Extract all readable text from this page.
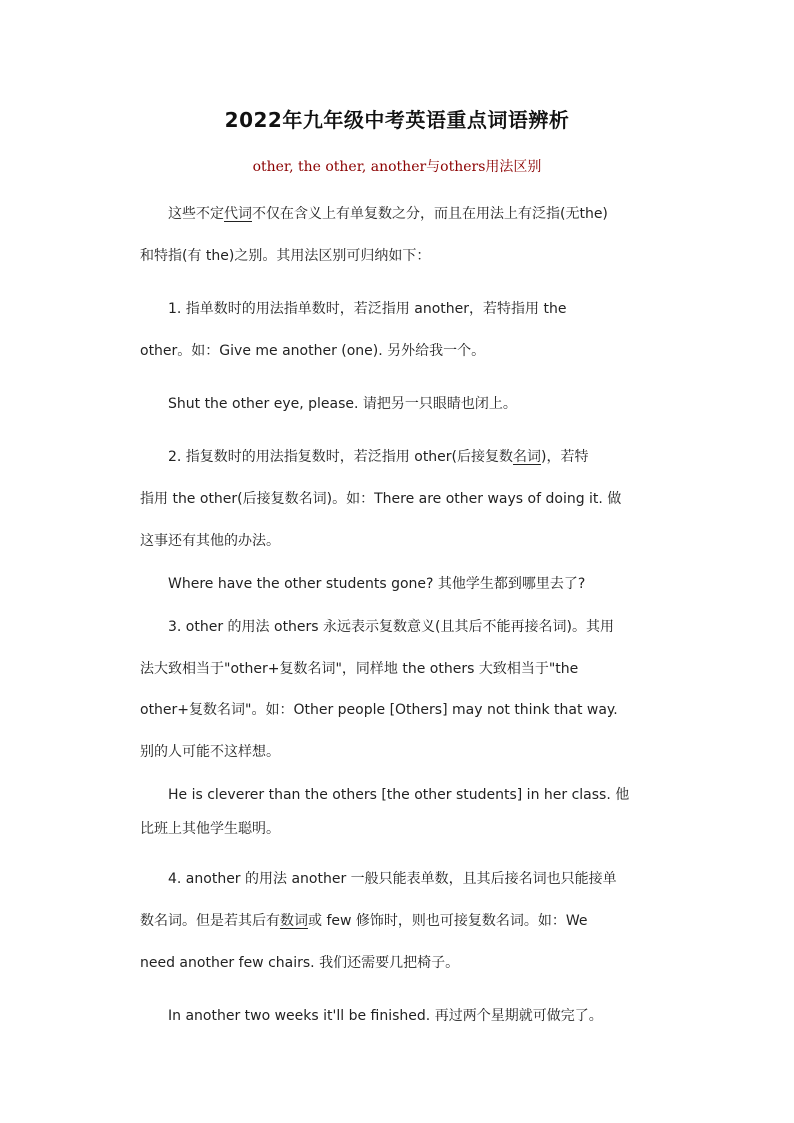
2022年九年级中考英语重点词语辨析
other, the other, another与others用法区别
这些不定代词不仅在含义上有单复数之分，而且在用法上有泛指(无the)
和特指(有 the)之别。其用法区别可归纳如下：
1. 指单数时的用法指单数时，若泛指用 another，若特指用 the
other。如：Give me another (one). 另外给我一个。
Shut the other eye, please. 请把另一只眼睛也闭上。
2. 指复数时的用法指复数时，若泛指用 other(后接复数名词)，若特
指用 the other(后接复数名词)。如：There are other ways of doing it. 做
这事还有其他的办法。
Where have the other students gone? 其他学生都到哪里去了?
3. other 的用法 others 永远表示复数意义(且其后不能再接名词)。其用
法大致相当于"other+复数名词"，同样地 the others 大致相当于"the
other+复数名词"。如：Other people [Others] may not think that way.
别的人可能不这样想。
He is cleverer than the others [the other students] in her class. 他
比班上其他学生聪明。
4. another 的用法 another 一般只能表单数，且其后接名词也只能接单
数名词。但是若其后有数词或 few 修饰时，则也可接复数名词。如：We
need another few chairs. 我们还需要几把椅子。
In another two weeks it'll be finished. 再过两个星期就可做完了。
